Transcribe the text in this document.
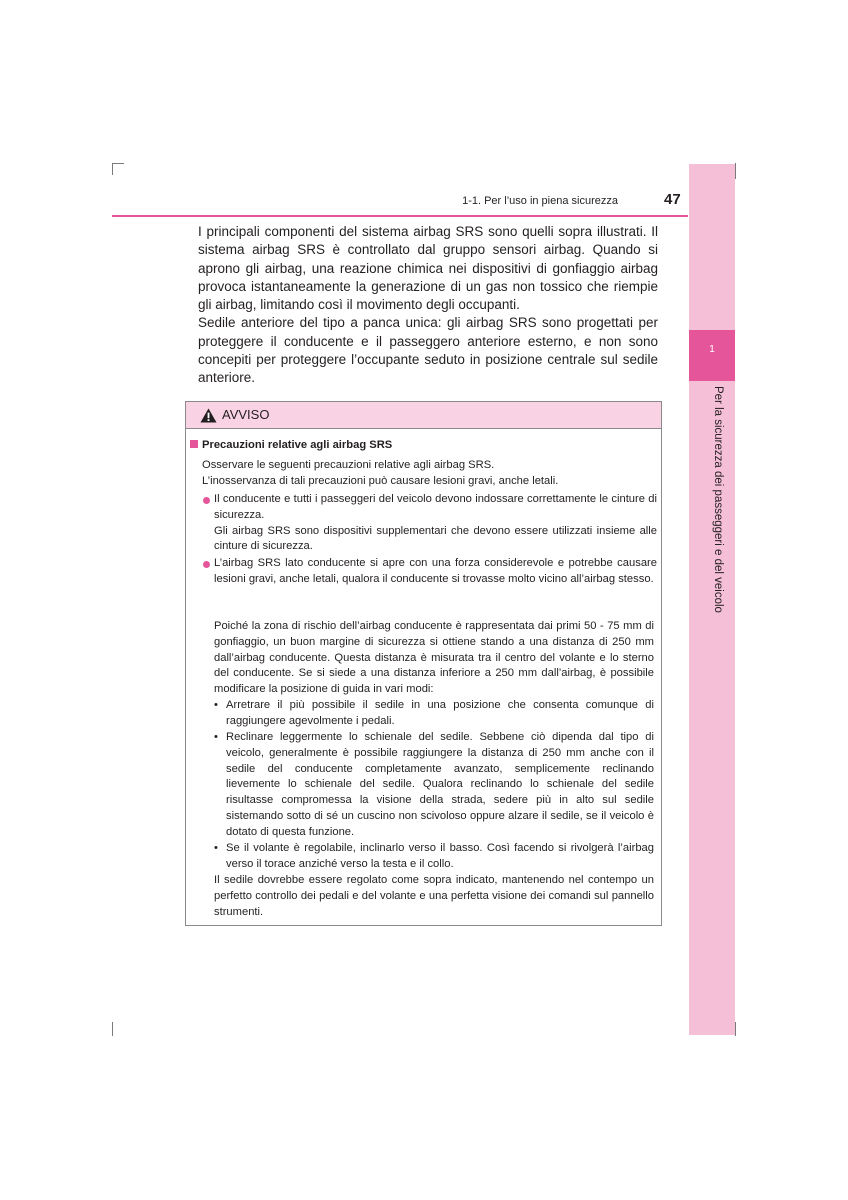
1
Per la sicurezza dei passeggeri e del veicolo
1-1. Per l’uso in piena sicurezza	47

I principali componenti del sistema airbag SRS sono quelli sopra illustrati. Il sistema airbag SRS è controllato dal gruppo sensori airbag. Quando si aprono gli airbag, una reazione chimica nei dispositivi di gonfiaggio airbag provoca istantaneamente la generazione di un gas non tossico che riempie gli airbag, limitando così il movimento degli occupanti.

Sedile anteriore del tipo a panca unica: gli airbag SRS sono progettati per proteggere il conducente e il passeggero anteriore esterno, e non sono concepiti per proteggere l’occupante seduto in posizione centrale sul sedile anteriore.

AVVISO
Precauzioni relative agli airbag SRS

Osservare le seguenti precauzioni relative agli airbag SRS.

L’inosservanza di tali precauzioni può causare lesioni gravi, anche letali.

Il conducente e tutti i passeggeri del veicolo devono indossare correttamente le cinture di sicurezza.

Gli airbag SRS sono dispositivi supplementari che devono essere utilizzati insieme alle cinture di sicurezza.

L’airbag SRS lato conducente si apre con una forza considerevole e potrebbe causare lesioni gravi, anche letali, qualora il conducente si trovasse molto vicino all’airbag stesso.

Poiché la zona di rischio dell’airbag conducente è rappresentata dai primi 50 - 75 mm di gonfiaggio, un buon margine di sicurezza si ottiene stando a una distanza di 250 mm dall’airbag conducente. Questa distanza è misurata tra il centro del volante e lo sterno del conducente. Se si siede a una distanza inferiore a 250 mm dall’airbag, è possibile modificare la posizione di guida in vari modi:

• Arretrare il più possibile il sedile in una posizione che consenta comunque di raggiungere agevolmente i pedali.

• Reclinare leggermente lo schienale del sedile. Sebbene ciò dipenda dal tipo di veicolo, generalmente è possibile raggiungere la distanza di 250 mm anche con il sedile del conducente completamente avanzato, semplicemente reclinando lievemente lo schienale del sedile. Qualora reclinando lo schienale del sedile risultasse compromessa la visione della strada, sedere più in alto sul sedile sistemando sotto di sé un cuscino non scivoloso oppure alzare il sedile, se il veicolo è dotato di questa funzione.

• Se il volante è regolabile, inclinarlo verso il basso. Così facendo si rivolgerà l’airbag verso il torace anziché verso la testa e il collo.

Il sedile dovrebbe essere regolato come sopra indicato, mantenendo nel contempo un perfetto controllo dei pedali e del volante e una perfetta visione dei comandi sul pannello strumenti.
